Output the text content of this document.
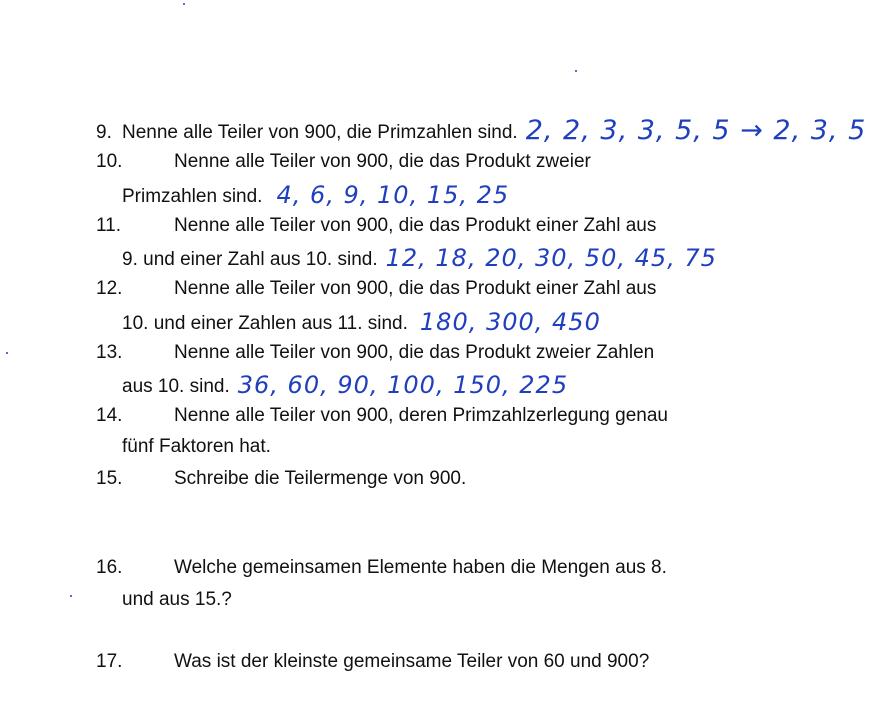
9. Nenne alle Teiler von 900, die Primzahlen sind. 2, 2, 3, 3, 5, 5 → 2, 3, 5
10.	Nenne alle Teiler von 900, die das Produkt zweier
Primzahlen sind. 4, 6, 9, 10, 15, 25
11.	Nenne alle Teiler von 900, die das Produkt einer Zahl aus
9. und einer Zahl aus 10. sind. 12, 18, 20, 30, 50, 45, 75
12.	Nenne alle Teiler von 900, die das Produkt einer Zahl aus
10. und einer Zahlen aus 11. sind. 180, 300, 450
13.	Nenne alle Teiler von 900, die das Produkt zweier Zahlen
aus 10. sind. 36, 60, 90, 100, 150, 225
14.	Nenne alle Teiler von 900, deren Primzahlzerlegung genau
fünf Faktoren hat.
15.	Schreibe die Teilermenge von 900.
16.	Welche gemeinsamen Elemente haben die Mengen aus 8.
und aus 15.?
17.	Was ist der kleinste gemeinsame Teiler von 60 und 900?
